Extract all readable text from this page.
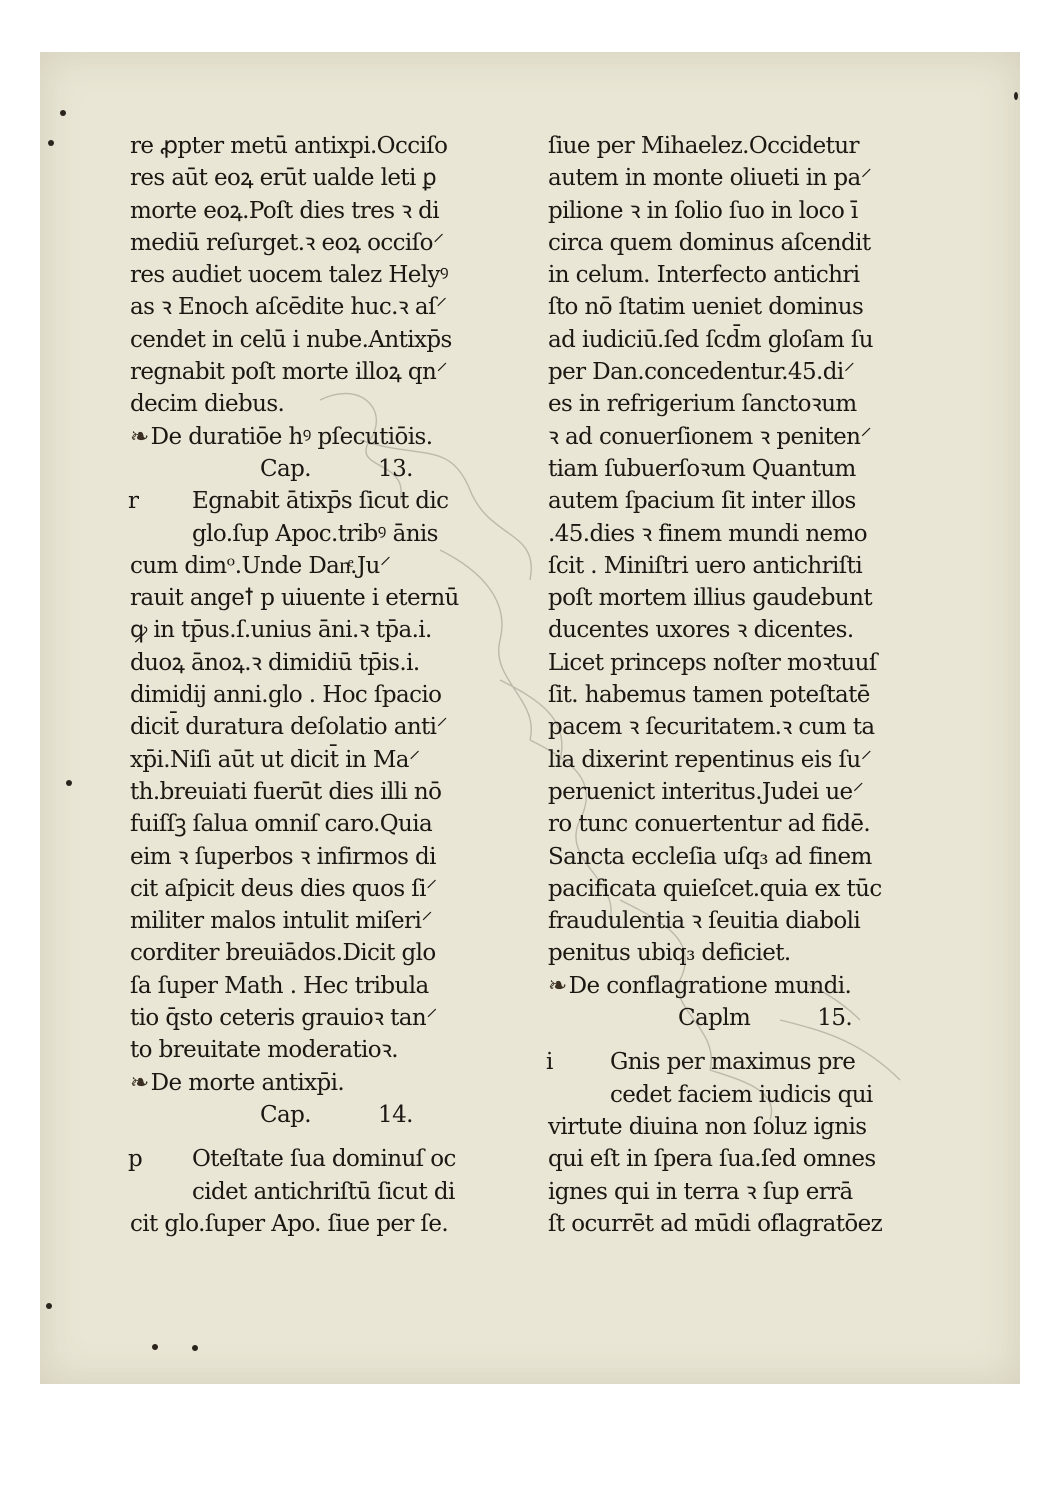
re ꝓpter metū antixpi.Occiſo
res aūt eoꝝ erūt ualde leti ꝑ
morte eoꝝ.Poſt dies tres ꝛ di
mediū reſurget.ꝛ eoꝝ occiſo⸍
res audiet uocem talez Helyꝰ
as ꝛ Enoch aſcēdite huc.ꝛ aſ⸍
cendet in celū i nube.Antixp̄s
regnabit poſt morte illoꝝ qn⸍
decim diebus.
❧De duratiōe hꝰ pſecutiōis.
Cap.          13.
r Egnabit ātixp̄s ſicut dic
glo.ſup Apoc.tribꝰ ānis
cum dimᵒ.Unde Danͤ.Ju⸍
rauit angeꝉ p uiuente i eternū
ꝙ in tp̄us.ſ.unius āni.ꝛ tp̄a.i.
duoꝝ ānoꝝ.ꝛ dimidiū tp̄is.i.
dimidij anni.glo . Hoc ſpacio
dicit̄ duratura deſolatio anti⸍
xp̄i.Niſi aūt ut dicit̄ in Ma⸍
th.breuiati fuerūt dies illi nō
fuiſſꝫ ſalua omniſ caro.Quia
eim ꝛ ſuperbos ꝛ infirmos di
cit aſpicit deus dies quos ſi⸍
militer malos intulit miſeri⸍
corditer breuiādos.Dicit glo
ſa ſuper Math . Hec tribula
tio q̄sto ceteris grauioꝛ tan⸍
to breuitate moderatioꝛ.
❧De morte antixp̄i.
Cap.          14.
p Oteſtate ſua dominuſ oc
cidet antichriſtū ſicut di
cit glo.ſuper Apo. ſiue per ſe.
ſiue per Mihaelez.Occidetur
autem in monte oliueti in pa⸍
pilione ꝛ in ſolio ſuo in loco ī
circa quem dominus aſcendit
in celum. Interfecto antichri
ſto nō ſtatim ueniet dominus
ad iudiciū.ſed ſcd̄m gloſam ſu
per Dan.concedentur.45.di⸍
es in refrigerium ſanctoꝛum
ꝛ ad conuerſionem ꝛ peniten⸍
tiam ſubuerſoꝛum Quantum
autem ſpacium ſit inter illos
.45.dies ꝛ finem mundi nemo
ſcit . Miniſtri uero antichriſti
poſt mortem illius gaudebunt
ducentes uxores ꝛ dicentes.
Licet princeps noſter moꝛtuuſ
ſit. habemus tamen poteſtatē
pacem ꝛ ſecuritatem.ꝛ cum ta
lia dixerint repentinus eis ſu⸍
peruenict interitus.Judei ue⸍
ro tunc conuertentur ad fidē.
Sancta eccleſia uſq₃ ad finem
pacificata quieſcet.quia ex tūc
fraudulentia ꝛ ſeuitia diaboli
penitus ubiq₃ deficiet.
❧De conflagratione mundi.
Caplm          15.
i Gnis per maximus pre
cedet faciem iudicis qui
virtute diuina non ſoluz ignis
qui eſt in ſpera ſua.ſed omnes
ignes qui in terra ꝛ ſup errā
ſt ocurrēt ad mūdi oflagratōez
